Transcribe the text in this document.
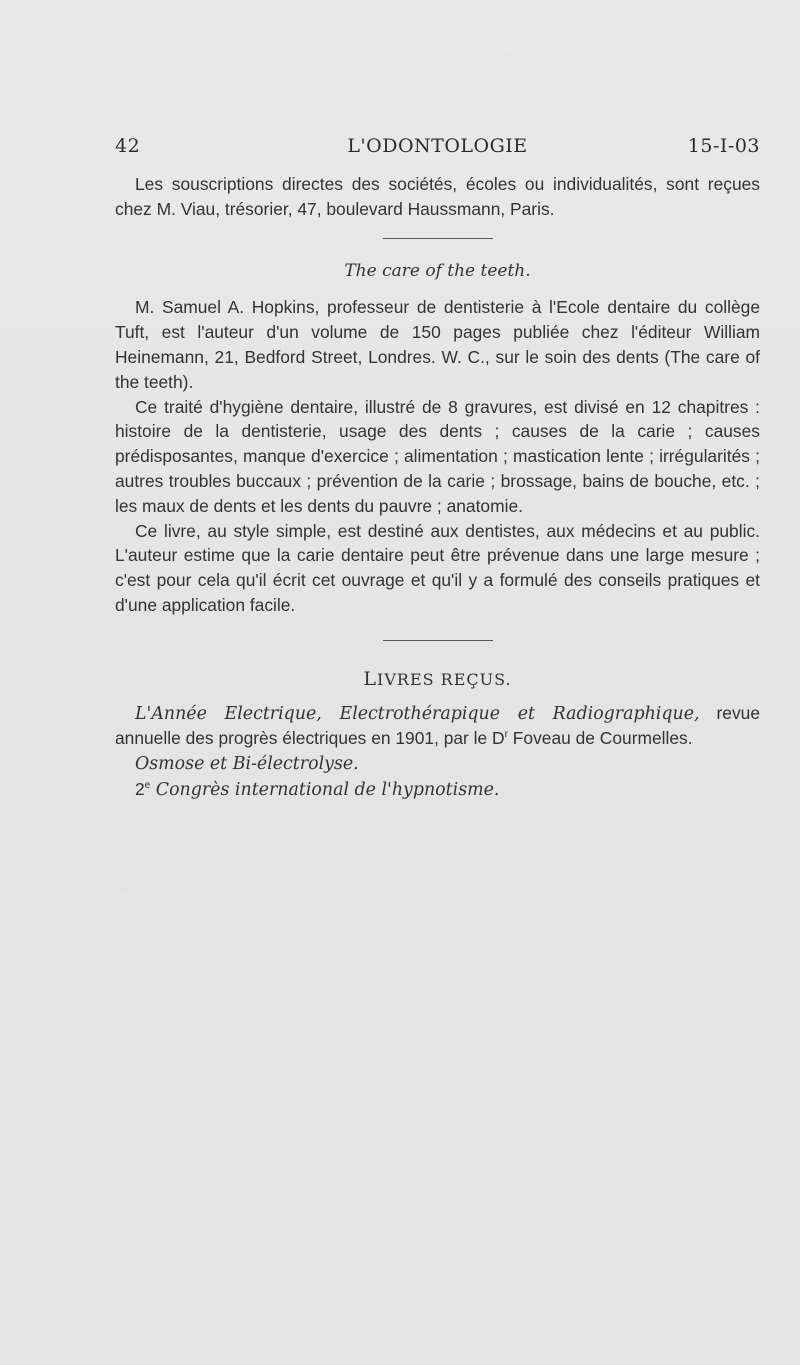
42	L'ODONTOLOGIE	15-I-03

Les souscriptions directes des sociétés, écoles ou individualités, sont reçues chez M. Viau, trésorier, 47, boulevard Haussmann, Paris.

The care of the teeth.

M. Samuel A. Hopkins, professeur de dentisterie à l'Ecole dentaire du collège Tuft, est l'auteur d'un volume de 150 pages publiée chez l'éditeur William Heinemann, 21, Bedford Street, Londres. W. C., sur le soin des dents (The care of the teeth).

Ce traité d'hygiène dentaire, illustré de 8 gravures, est divisé en 12 chapitres : histoire de la dentisterie, usage des dents ; causes de la carie ; causes prédisposantes, manque d'exercice ; alimentation ; mastication lente ; irrégularités ; autres troubles buccaux ; prévention de la carie ; brossage, bains de bouche, etc. ; les maux de dents et les dents du pauvre ; anatomie.

Ce livre, au style simple, est destiné aux dentistes, aux médecins et au public. L'auteur estime que la carie dentaire peut être prévenue dans une large mesure ; c'est pour cela qu'il écrit cet ouvrage et qu'il y a formulé des conseils pratiques et d'une application facile.

LIVRES REÇUS.

L'Année Electrique, Electrothérapique et Radiographique, revue annuelle des progrès électriques en 1901, par le $D^r$ Foveau de Courmelles.

Osmose et Bi-électrolyse.

2e Congrès international de l'hypnotisme.
